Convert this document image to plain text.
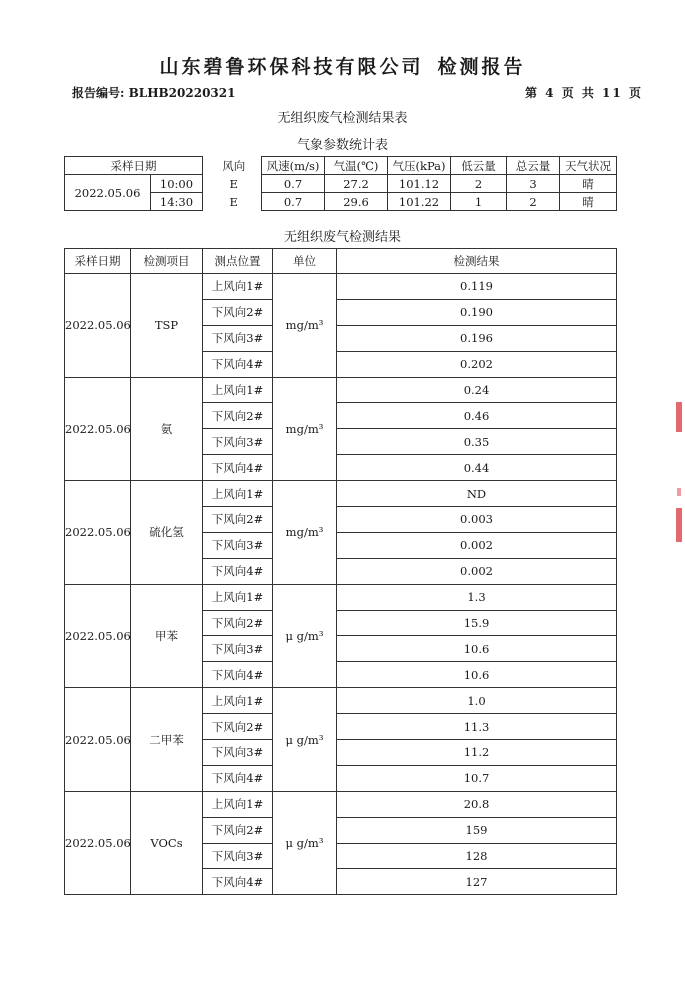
山东碧鲁环保科技有限公司 检测报告
报告编号: BLHB20220321	第 4 页 共 11 页
无组织废气检测结果表
气象参数统计表
采样日期			风向	风速(m/s)	气温(℃)	气压(kPa)	低云量	总云量	天气状况
2022.05.06	10:00		E	0.7	27.2	101.12	2	3	晴
	14:30		E	0.7	29.6	101.22	1	2	晴
无组织废气检测结果
采样日期	检测项目	测点位置	单位	检测结果
2022.05.06	TSP	上风向1#	mg/m³	0.119
		下风向2#		0.190
		下风向3#		0.196
		下风向4#		0.202
2022.05.06	氨	上风向1#	mg/m³	0.24
		下风向2#		0.46
		下风向3#		0.35
		下风向4#		0.44
2022.05.06	硫化氢	上风向1#	mg/m³	ND
		下风向2#		0.003
		下风向3#		0.002
		下风向4#		0.002
2022.05.06	甲苯	上风向1#	μ g/m³	1.3
		下风向2#		15.9
		下风向3#		10.6
		下风向4#		10.6
2022.05.06	二甲苯	上风向1#	μ g/m³	1.0
		下风向2#		11.3
		下风向3#		11.2
		下风向4#		10.7
2022.05.06	VOCs	上风向1#	μ g/m³	20.8
		下风向2#		159
		下风向3#		128
		下风向4#		127
